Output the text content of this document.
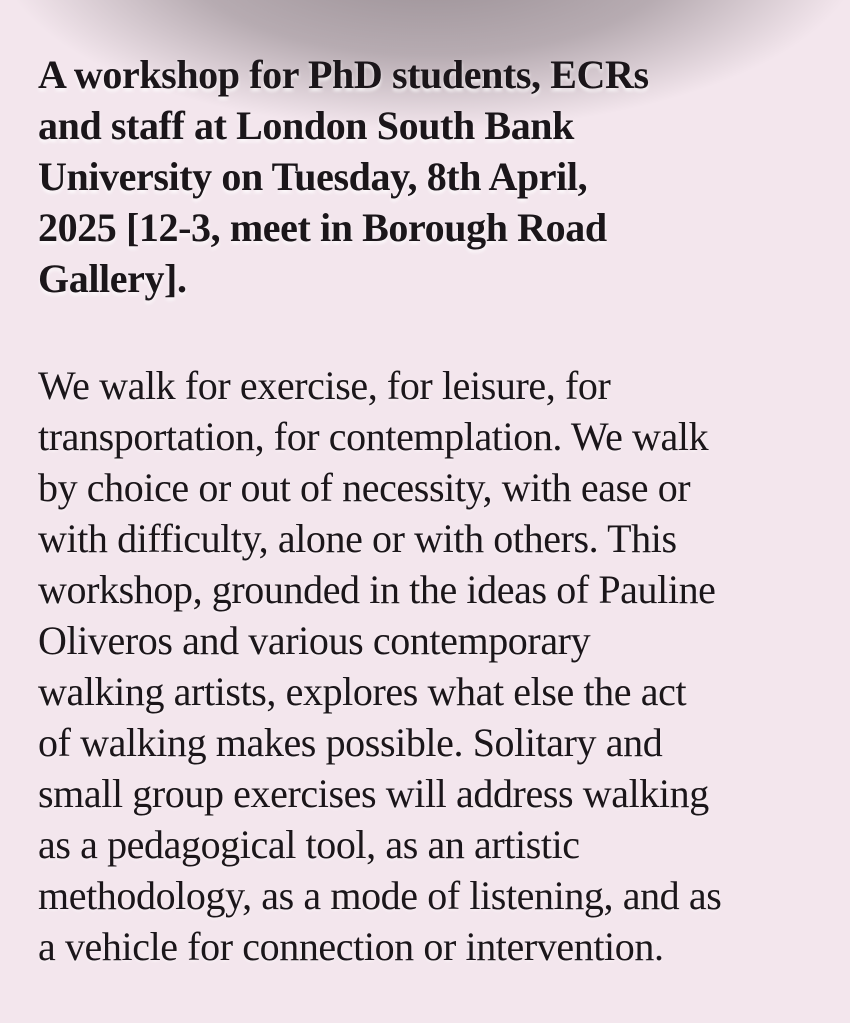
A workshop for PhD students, ECRs
and staff at London South Bank
University on Tuesday, 8th April,
2025 [12-3, meet in Borough Road
Gallery].
We walk for exercise, for leisure, for
transportation, for contemplation. We walk
by choice or out of necessity, with ease or
with difficulty, alone or with others. This
workshop, grounded in the ideas of Pauline
Oliveros and various contemporary
walking artists, explores what else the act
of walking makes possible. Solitary and
small group exercises will address walking
as a pedagogical tool, as an artistic
methodology, as a mode of listening, and as
a vehicle for connection or intervention.
